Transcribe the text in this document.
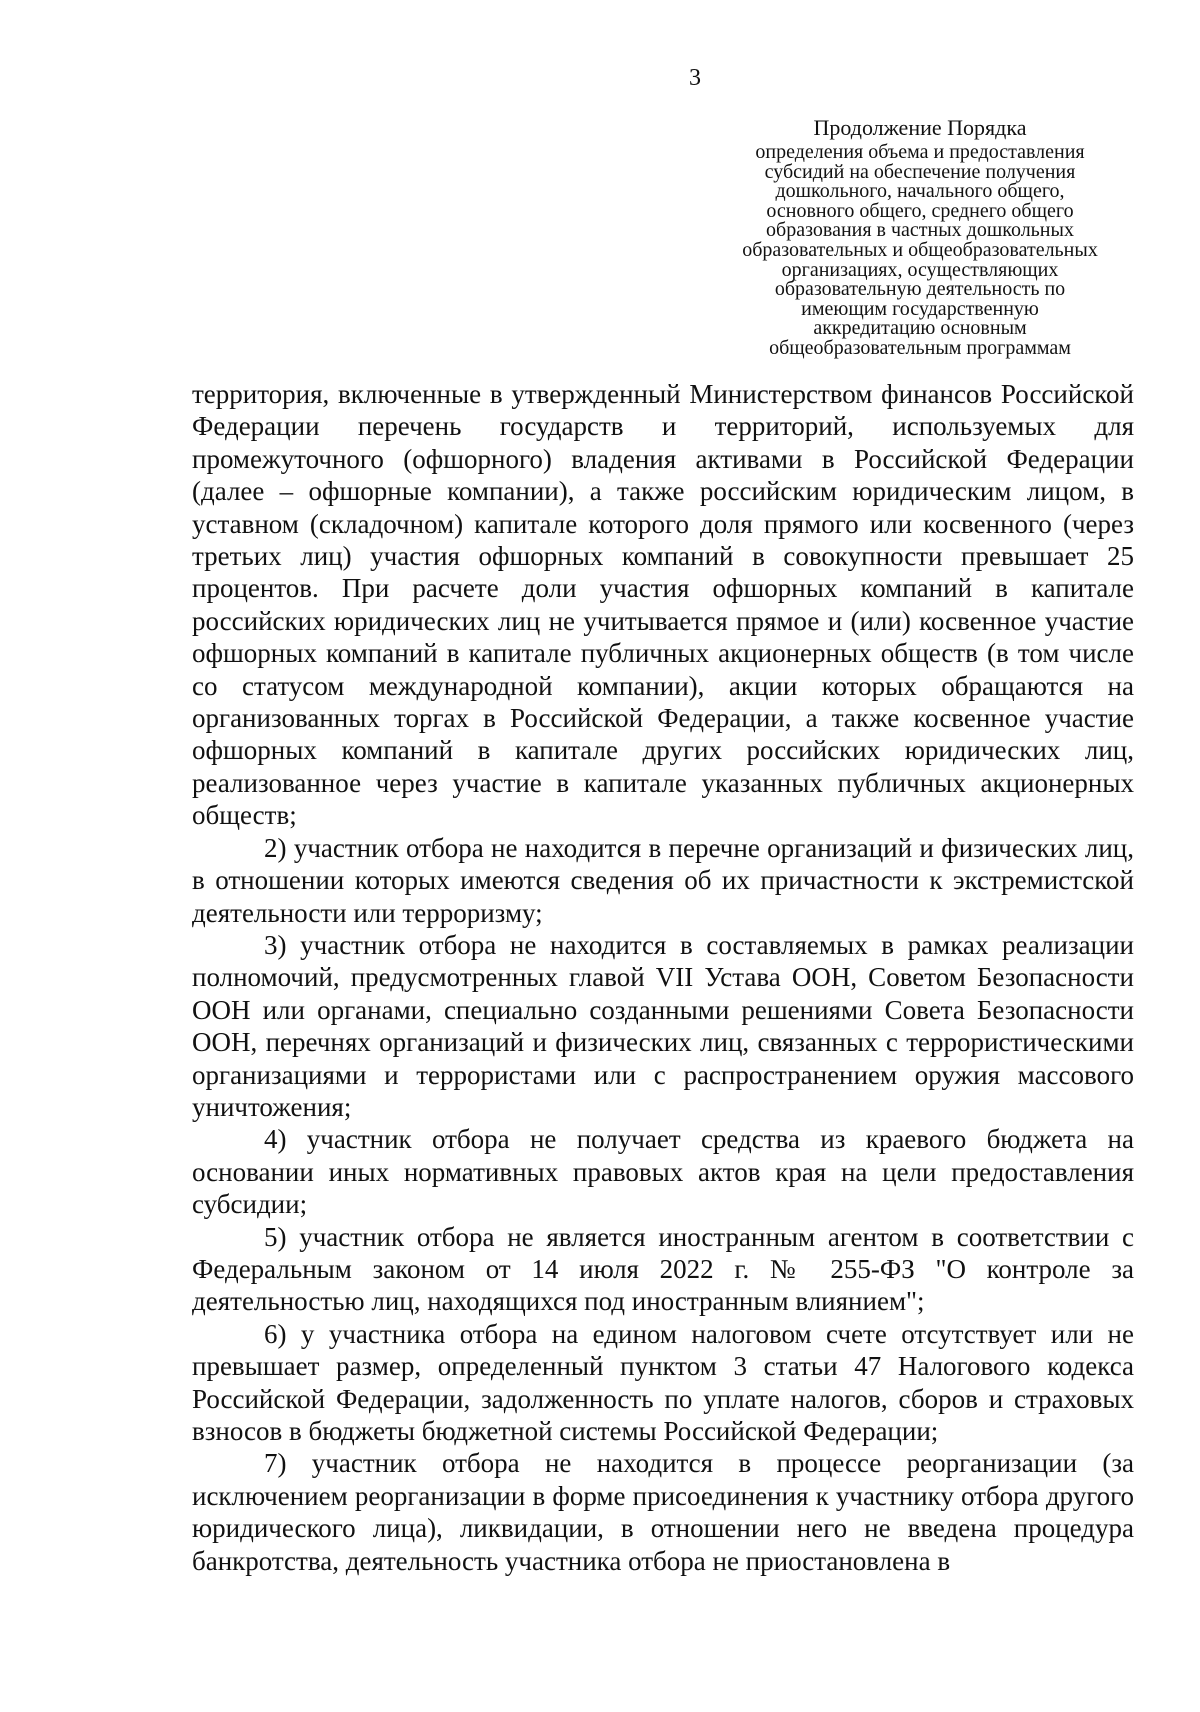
3
Продолжение Порядка
определения объема и предоставления
субсидий на обеспечение получения
дошкольного, начального общего,
основного общего, среднего общего
образования в частных дошкольных
образовательных и общеобразовательных
организациях, осуществляющих
образовательную деятельность по
имеющим государственную
аккредитацию основным
общеобразовательным программам

территория, включенные в утвержденный Министерством финансов Российской Федерации перечень государств и территорий, используемых для промежуточного (офшорного) владения активами в Российской Федерации (далее – офшорные компании), а также российским юридическим лицом, в уставном (складочном) капитале которого доля прямого или косвенного (через третьих лиц) участия офшорных компаний в совокупности превышает 25 процентов. При расчете доли участия офшорных компаний в капитале российских юридических лиц не учитывается прямое и (или) косвенное участие офшорных компаний в капитале публичных акционерных обществ (в том числе со статусом международной компании), акции которых обращаются на организованных торгах в Российской Федерации, а также косвенное участие офшорных компаний в капитале других российских юридических лиц, реализованное через участие в капитале указанных публичных акционерных обществ;

2) участник отбора не находится в перечне организаций и физических лиц, в отношении которых имеются сведения об их причастности к экстремистской деятельности или терроризму;

3) участник отбора не находится в составляемых в рамках реализации полномочий, предусмотренных главой VII Устава ООН, Советом Безопасности ООН или органами, специально созданными решениями Совета Безопасности ООН, перечнях организаций и физических лиц, связанных с террористическими организациями и террористами или с распространением оружия массового уничтожения;

4) участник отбора не получает средства из краевого бюджета на основании иных нормативных правовых актов края на цели предоставления субсидии;

5) участник отбора не является иностранным агентом в соответствии с Федеральным законом от 14 июля 2022 г. № 255-ФЗ "О контроле за деятельностью лиц, находящихся под иностранным влиянием";

6) у участника отбора на едином налоговом счете отсутствует или не превышает размер, определенный пунктом 3 статьи 47 Налогового кодекса Российской Федерации, задолженность по уплате налогов, сборов и страховых взносов в бюджеты бюджетной системы Российской Федерации;

7) участник отбора не находится в процессе реорганизации (за исключением реорганизации в форме присоединения к участнику отбора другого юридического лица), ликвидации, в отношении него не введена процедура банкротства, деятельность участника отбора не приостановлена в
